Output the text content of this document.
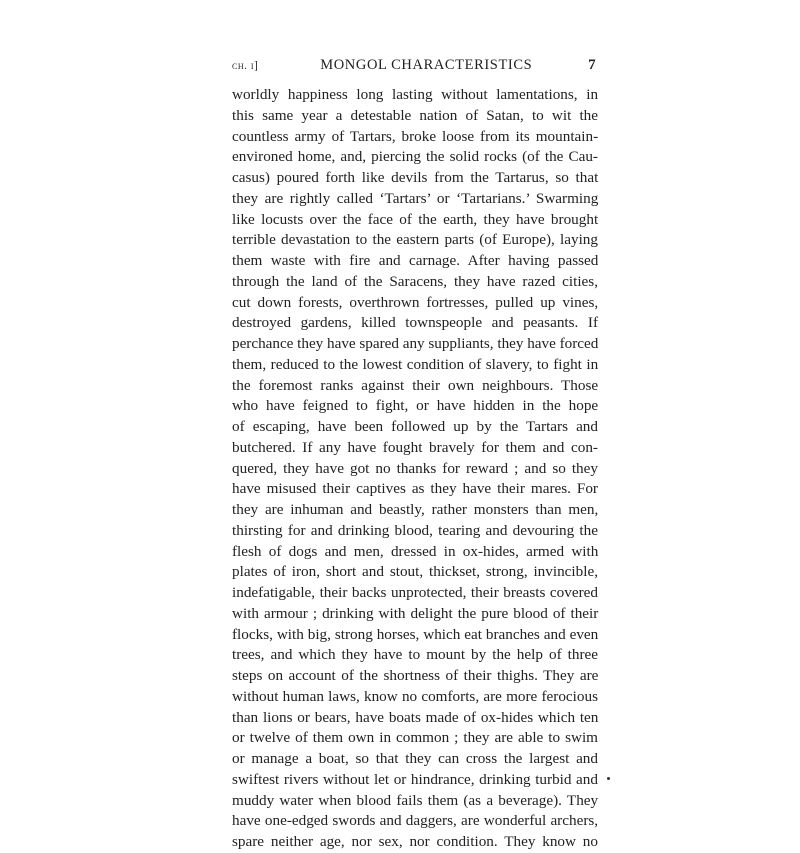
ch. i]	MONGOL CHARACTERISTICS	7
worldly happiness long lasting without lamentations, in
this same year a detestable nation of Satan, to wit the
countless army of Tartars, broke loose from its mountain-
environed home, and, piercing the solid rocks (of the Cau-
casus) poured forth like devils from the Tartarus, so that
they are rightly called ‘Tartars’ or ‘Tartarians.’ Swarming
like locusts over the face of the earth, they have brought
terrible devastation to the eastern parts (of Europe), laying
them waste with fire and carnage. After having passed
through the land of the Saracens, they have razed cities,
cut down forests, overthrown fortresses, pulled up vines,
destroyed gardens, killed townspeople and peasants. If
perchance they have spared any suppliants, they have forced
them, reduced to the lowest condition of slavery, to fight in
the foremost ranks against their own neighbours. Those
who have feigned to fight, or have hidden in the hope
of escaping, have been followed up by the Tartars and
butchered. If any have fought bravely for them and con-
quered, they have got no thanks for reward ; and so they
have misused their captives as they have their mares. For
they are inhuman and beastly, rather monsters than men,
thirsting for and drinking blood, tearing and devouring the
flesh of dogs and men, dressed in ox-hides, armed with
plates of iron, short and stout, thickset, strong, invincible,
indefatigable, their backs unprotected, their breasts covered
with armour ; drinking with delight the pure blood of their
flocks, with big, strong horses, which eat branches and even
trees, and which they have to mount by the help of three
steps on account of the shortness of their thighs. They are
without human laws, know no comforts, are more ferocious
than lions or bears, have boats made of ox-hides which ten
or twelve of them own in common ; they are able to swim
or manage a boat, so that they can cross the largest and
swiftest rivers without let or hindrance, drinking turbid and
muddy water when blood fails them (as a beverage). They
have one-edged swords and daggers, are wonderful archers,
spare neither age, nor sex, nor condition. They know no
